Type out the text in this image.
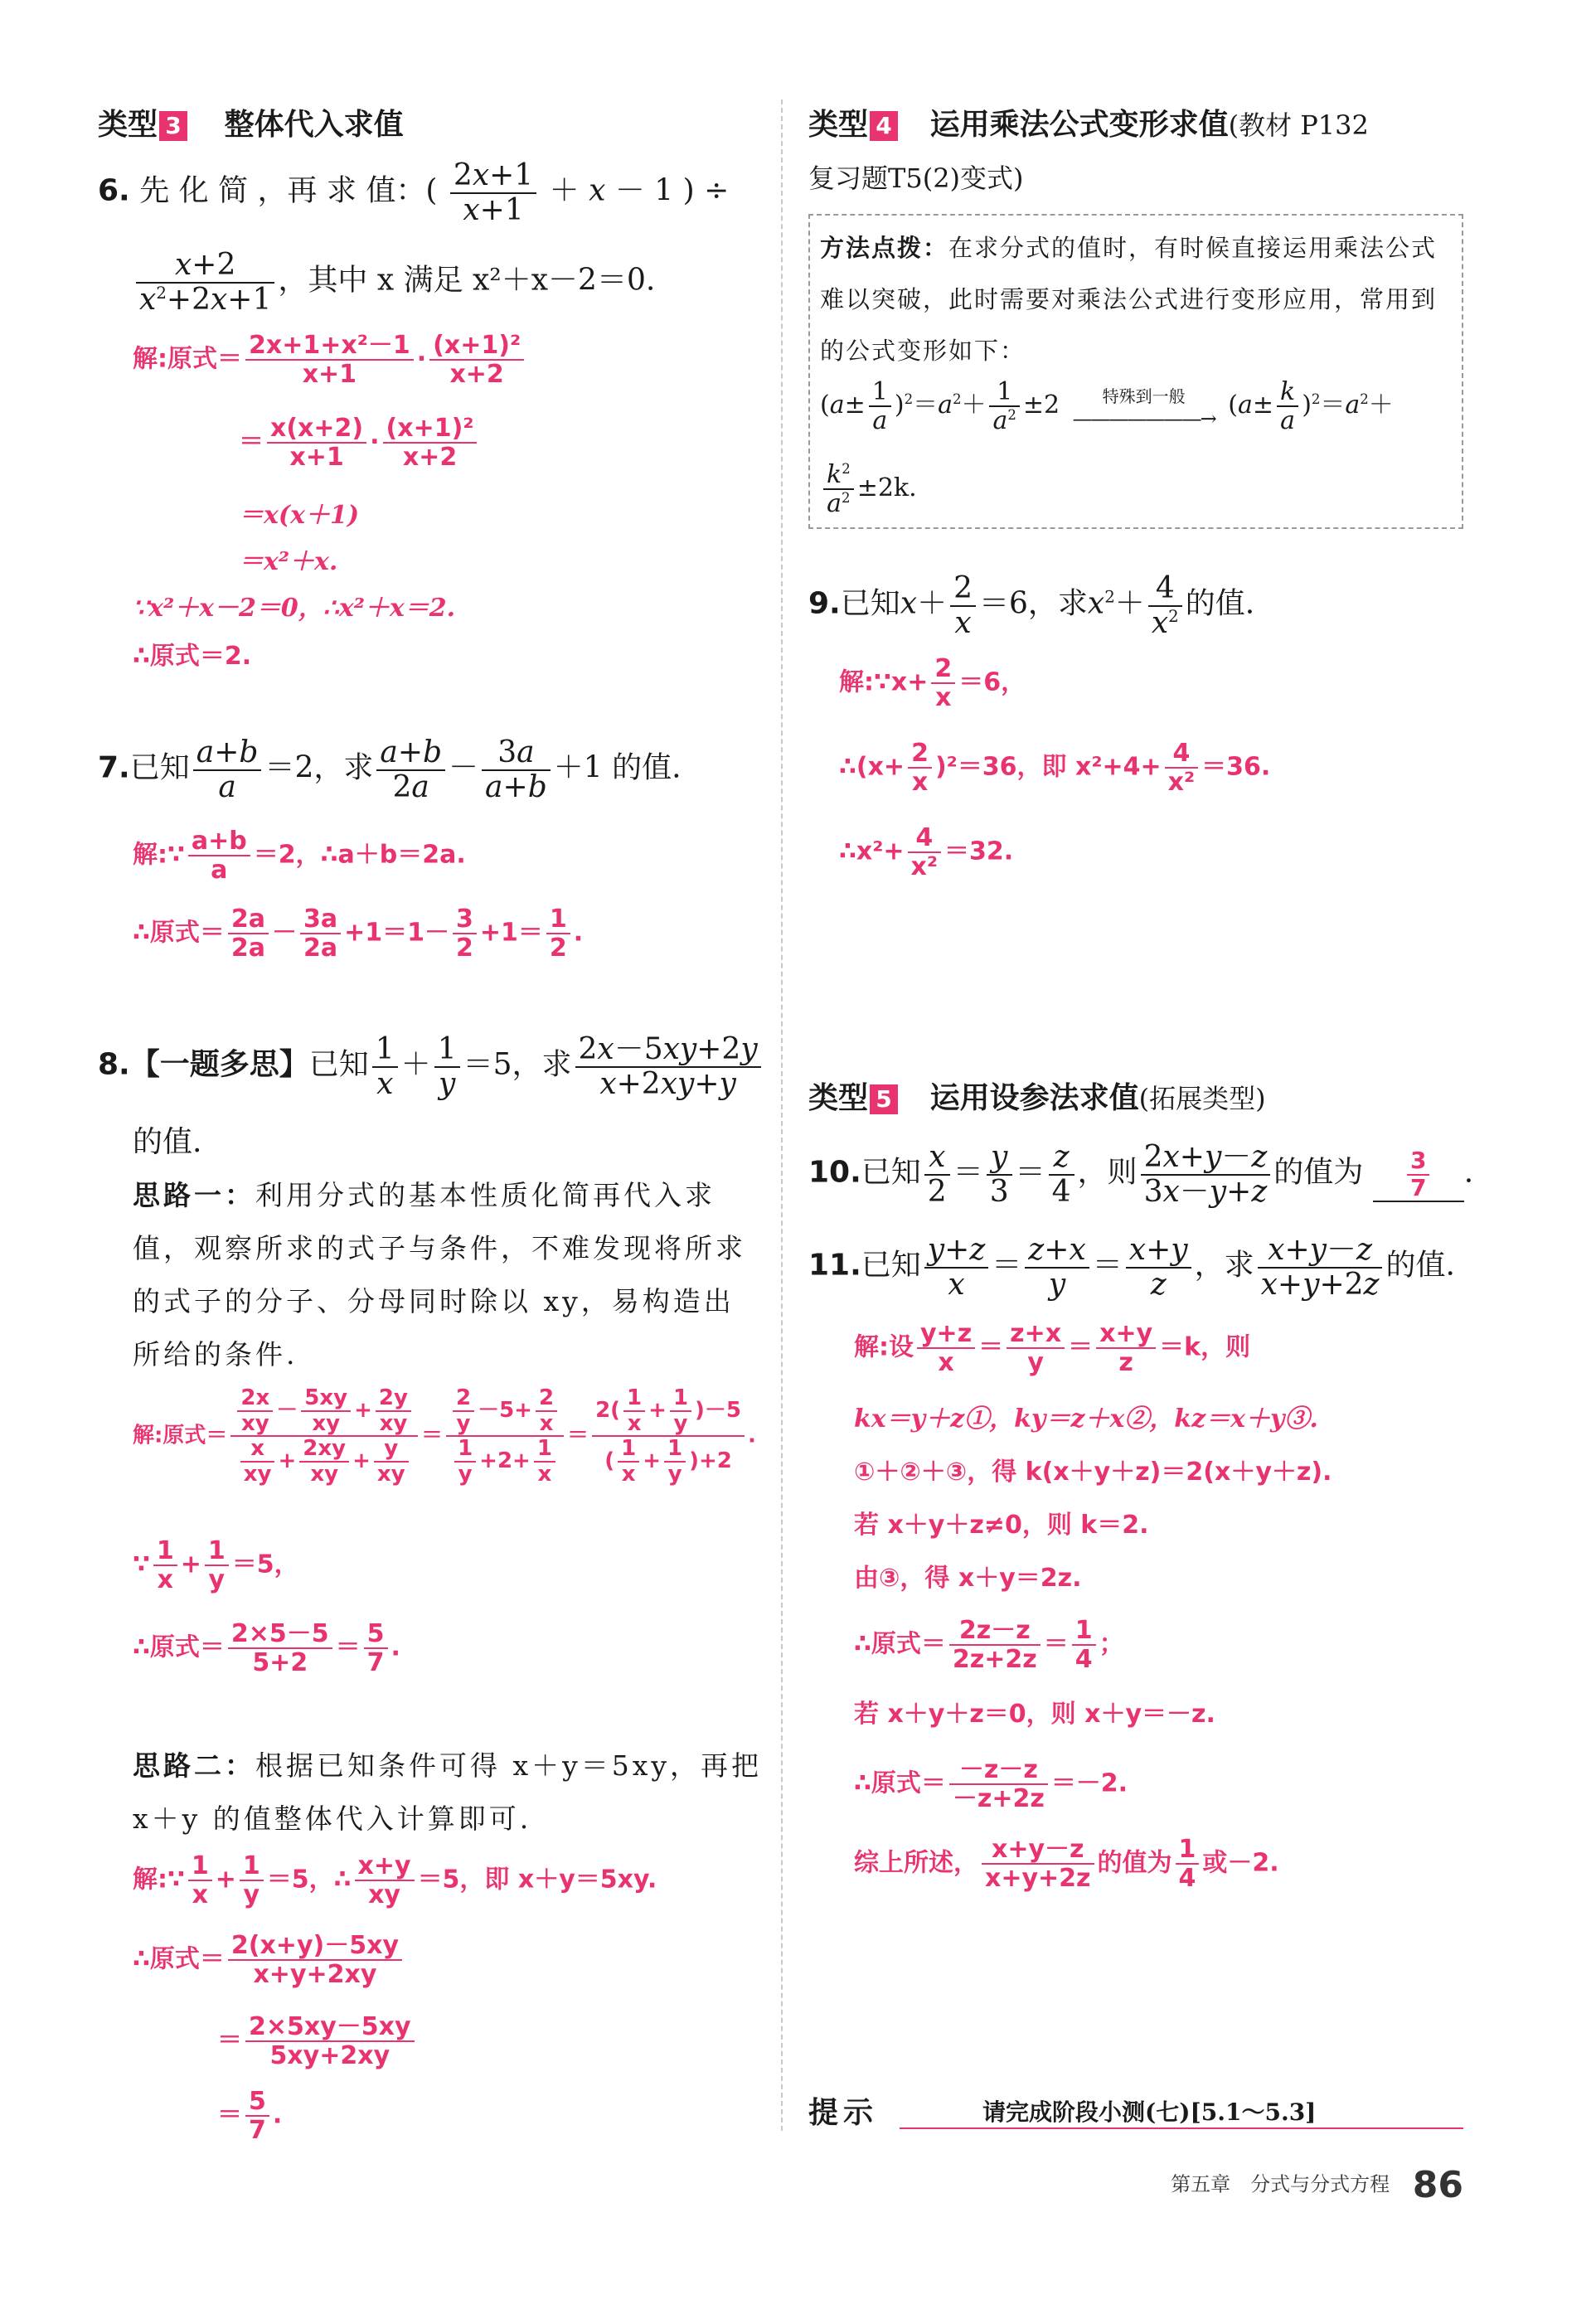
类型 3 整体代入求值
6. 先 化 简 ，再 求 值：( $\frac{2x+1}{x+1} + x - 1$ ) ÷
$\frac{x+2}{x^2+2x+1}$ ，其中 x 满足 x²＋x－2＝0.
解:原式＝ $\frac{\text{2x+1+x²－1}}{x+1} \cdot \frac{\text{(x+1)²}}{x+2}$
＝ $\frac{x(x+2)}{x+1} \cdot \frac{\text{(x+1)²}}{x+2}$
＝x(x＋1)
＝x²＋x.
∵x²＋x－2＝0，∴x²＋x＝2.
∴原式＝2.
7.已知 $\frac{a+b}{a} =2$，求 $\frac{a+b}{2a} - \frac{3a}{a+b} +1$ 的值.
解:∵ $\frac{a+b}{a} =2$，∴a＋b＝2a.
∴原式＝ $\frac{2a}{2a} - \frac{3a}{2a} +1=1- \frac{3}{2} +1= \frac{1}{2}$ .
8.【一题多思】已知 $\frac{1}{x} + \frac{1}{y} =5$，求 $\frac{2x-5xy+2y}{x+2xy+y}$
的值.
思路一：利用分式的基本性质化简再代入求值，观察所求的式子与条件，不难发现将所求的式子的分子、分母同时除以 xy，易构造出所给的条件.
解:原式＝
$\frac{2x}{xy} - \frac{5xy}{xy} + \frac{2y}{xy}$
$\frac{x}{xy} + \frac{2xy}{xy} + \frac{y}{xy}$
＝ $\frac{\frac{2}{y} -5+ \frac{2}{x}}{\frac{1}{y} +2+ \frac{1}{x}} = \frac{2( \frac{1}{x} + \frac{1}{y} )-5}{( \frac{1}{x} + \frac{1}{y} )+2}$ .
∵ $\frac{1}{x} + \frac{1}{y} =5$，
∴原式＝ $\frac{2\times 5-5}{5+2} = \frac{5}{7}$ .
思路二：根据已知条件可得 x＋y＝5xy，再把 x＋y 的值整体代入计算即可.
解:∵ $\frac{1}{x} + \frac{1}{y} =5$，∴ $\frac{x+y}{xy} =5$，即 x＋y＝5xy.
∴原式＝ $\frac{2(x+y)-5xy}{x+y+2xy}$
＝ $\frac{2\times 5xy-5xy}{5xy+2xy}$
＝ $\frac{5}{7}$ .
类型 4 运用乘法公式变形求值(教材 P132
复习题T5(2)变式)
方法点拨：在求分式的值时，有时候直接运用乘法公式难以突破，此时需要对乘法公式进行变形应用，常用到的公式变形如下：
$(a\pm \frac{1}{a} )^2=a^2+ \frac{1}{a^2} \pm 2$	特殊到一般
———————→ $(a\pm \frac{k}{a} )^2=a^2+$
$\frac{k^2}{a^2} \pm 2k$.
9.已知$x+ \frac{2}{x} =6$，求$x^2+ \frac{4}{x^2}$ 的值.
解:∵x+ $\frac{2}{x} =6$，
∴(x+ $\frac{2}{x} )^2=36$，即 $x^2+4+ \frac{4}{\text{x²}} =36$.
∴x²+ $\frac{4}{\text{x²}} =32$.
类型 5 运用设参法求值(拓展类型)
10.已知 $\frac{x}{2} = \frac{y}{3} = \frac{z}{4}$ ，则 $\frac{2x+y-z}{3x-y+z}$ 的值为 $\frac{3}{7}$ .
11.已知 $\frac{y+z}{x} = \frac{z+x}{y} = \frac{x+y}{z}$ ，求 $\frac{x+y-z}{x+y+2z}$ 的值.
解:设 $\frac{y+z}{x} = \frac{z+x}{y} = \frac{x+y}{z} =k$，则
kx＝y＋z①，ky＝z＋x②，kz＝x＋y③.
①＋②＋③，得 k(x＋y＋z)＝2(x＋y＋z).
若 x＋y＋z≠0，则 k＝2.
由③，得 x＋y＝2z.
∴原式＝ $\frac{2z-z}{2z+2z} = \frac{1}{4}$ ；
若 x＋y＋z＝0，则 x＋y＝－z.
∴原式＝ $\frac{-z-z}{-z+2z} =-2$.
综上所述， $\frac{x+y-z}{x+y+2z}$ 的值为 $\frac{1}{4}$ 或－2.
提示	请完成阶段小测(七)[5.1～5.3]
第五章　分式与分式方程 86
